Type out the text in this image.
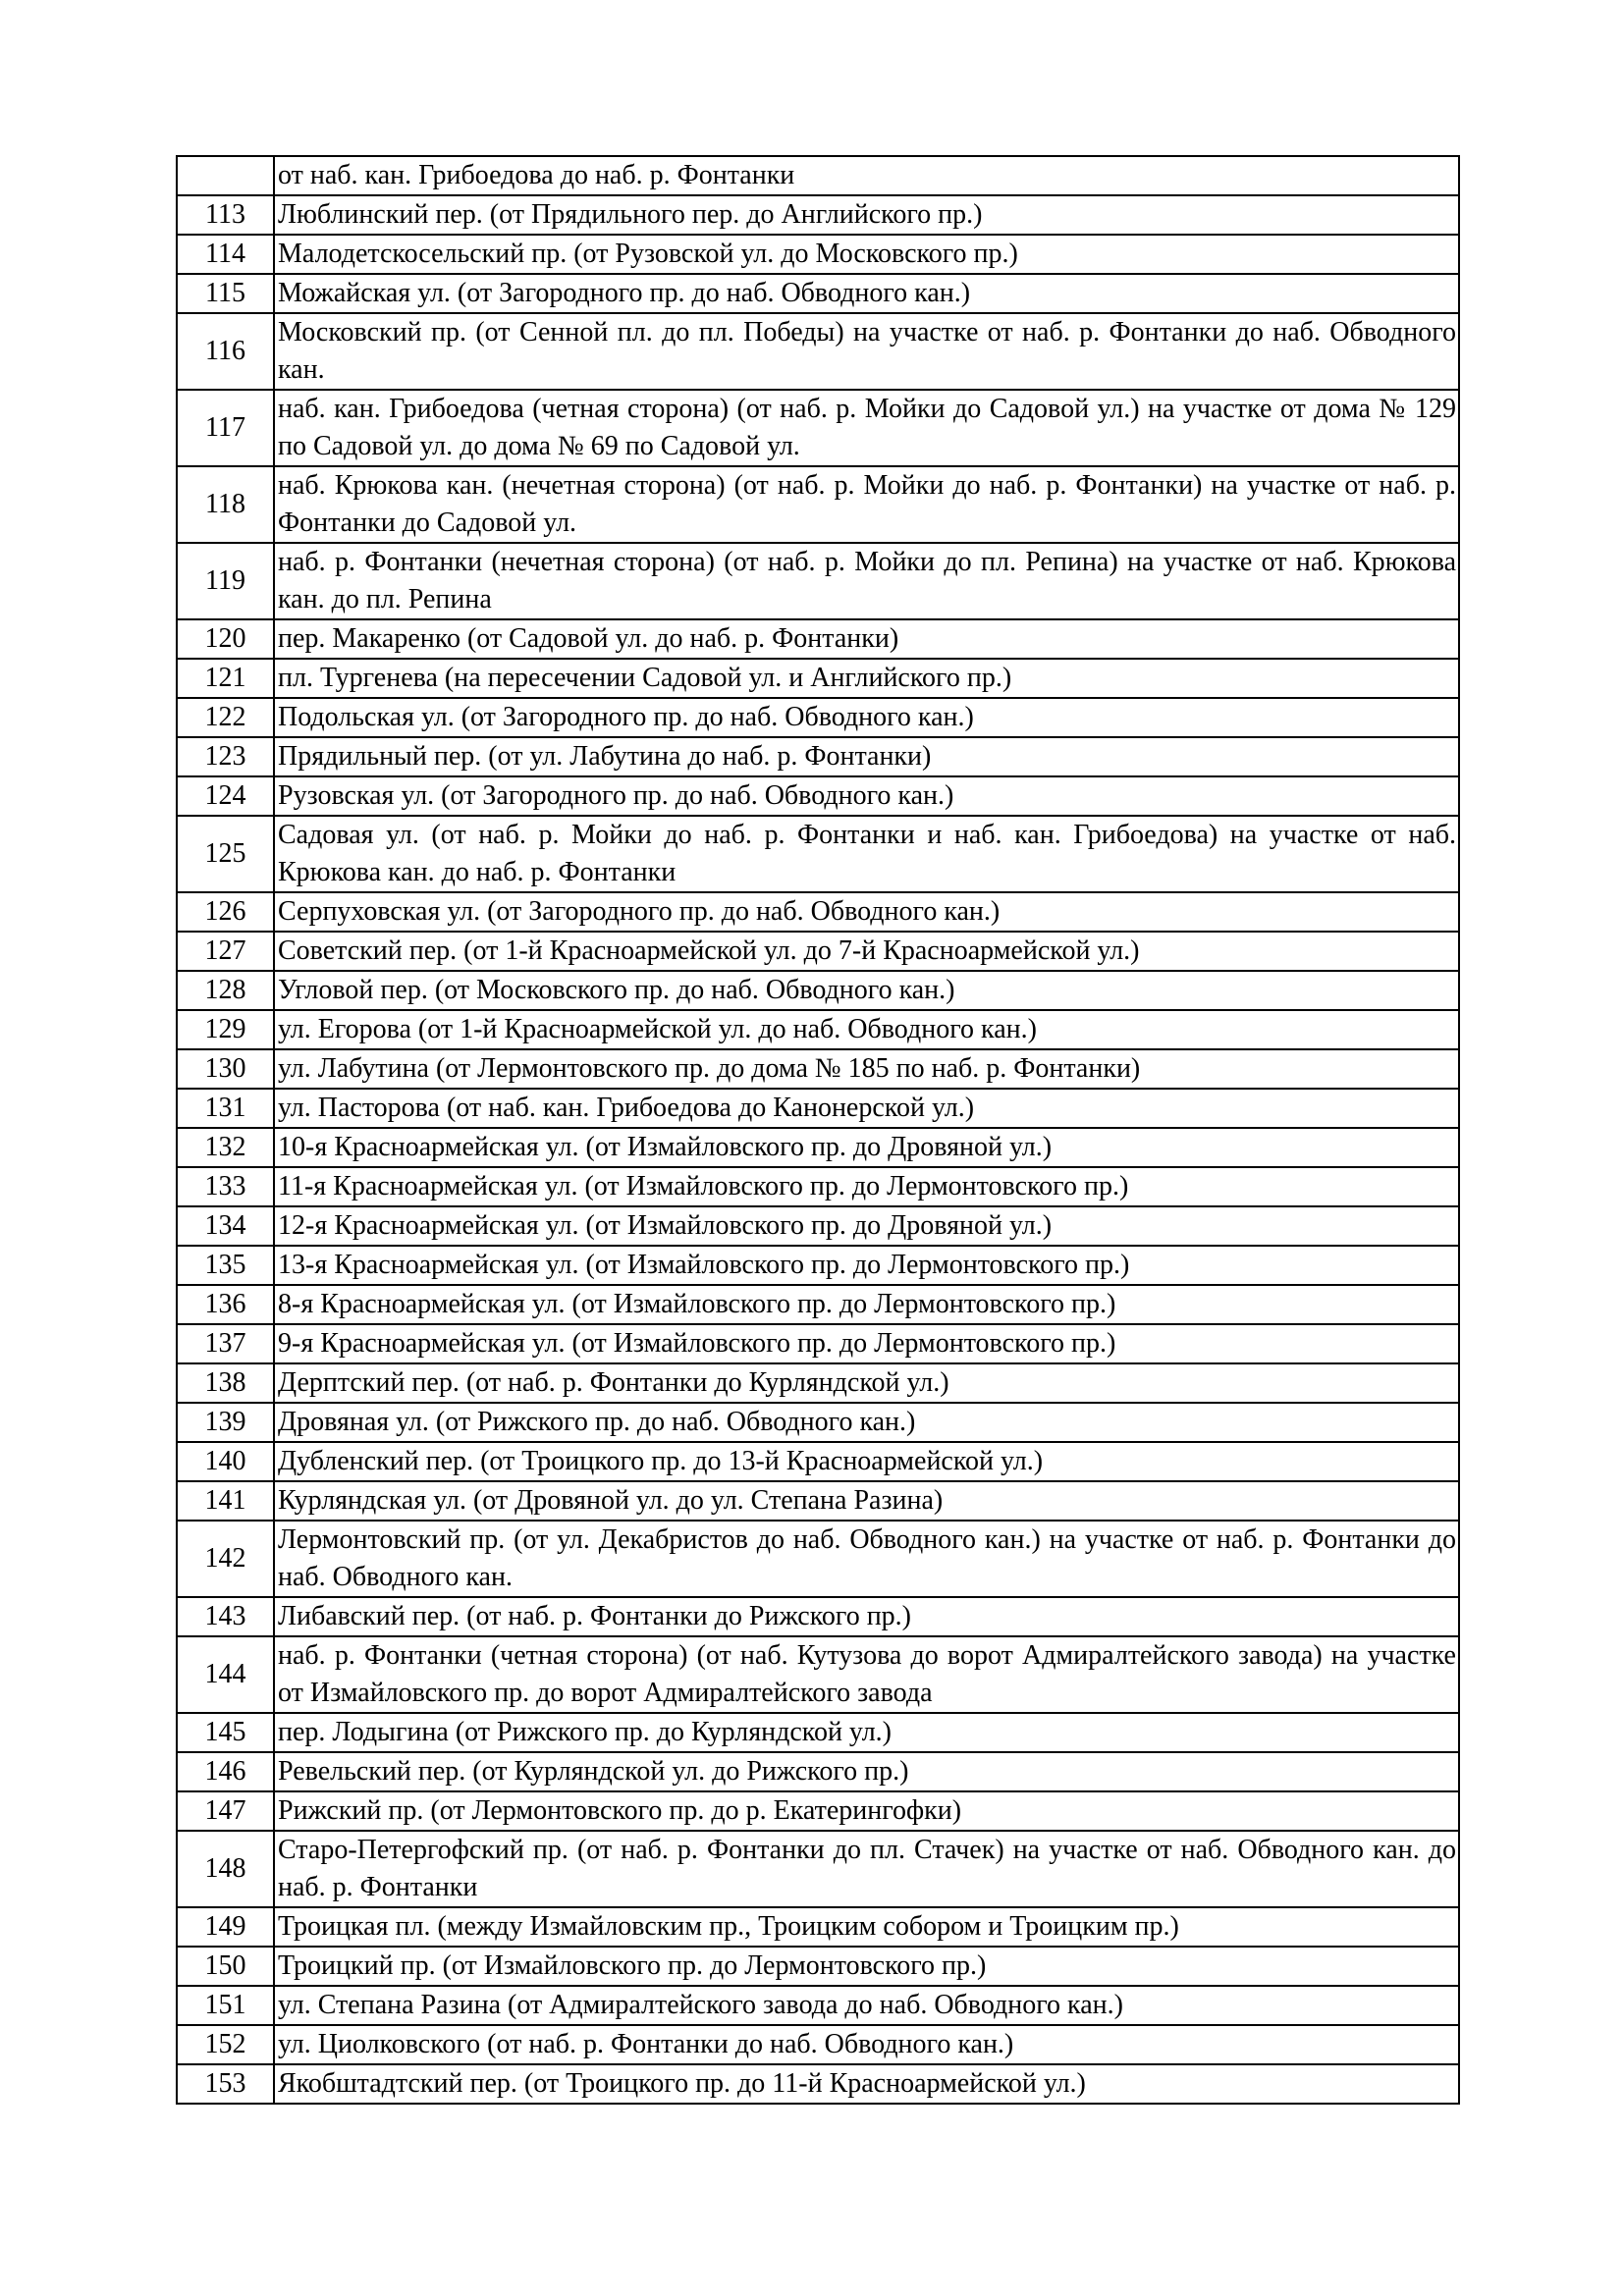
	от наб. кан. Грибоедова до наб. р. Фонтанки
113	Люблинский пер. (от Прядильного пер. до Английского пр.)
114	Малодетскосельский пр. (от Рузовской ул. до Московского пр.)
115	Можайская ул. (от Загородного пр. до наб. Обводного кан.)
116	Московский пр. (от Сенной пл. до пл. Победы) на участке от наб. р. Фонтанки до наб. Обводного кан.
117	наб. кан. Грибоедова (четная сторона) (от наб. р. Мойки до Садовой ул.) на участке от дома № 129 по Садовой ул. до дома № 69 по Садовой ул.
118	наб. Крюкова кан. (нечетная сторона) (от наб. р. Мойки до наб. р. Фонтанки) на участке от наб. р. Фонтанки до Садовой ул.
119	наб. р. Фонтанки (нечетная сторона) (от наб. р. Мойки до пл. Репина) на участке от наб. Крюкова кан. до пл. Репина
120	пер. Макаренко (от Садовой ул. до наб. р. Фонтанки)
121	пл. Тургенева (на пересечении Садовой ул. и Английского пр.)
122	Подольская ул. (от Загородного пр. до наб. Обводного кан.)
123	Прядильный пер. (от ул. Лабутина до наб. р. Фонтанки)
124	Рузовская ул. (от Загородного пр. до наб. Обводного кан.)
125	Садовая ул. (от наб. р. Мойки до наб. р. Фонтанки и наб. кан. Грибоедова) на участке от наб. Крюкова кан. до наб. р. Фонтанки
126	Серпуховская ул. (от Загородного пр. до наб. Обводного кан.)
127	Советский пер. (от 1-й Красноармейской ул. до 7-й Красноармейской ул.)
128	Угловой пер. (от Московского пр. до наб. Обводного кан.)
129	ул. Егорова (от 1-й Красноармейской ул. до наб. Обводного кан.)
130	ул. Лабутина (от Лермонтовского пр. до дома № 185 по наб. р. Фонтанки)
131	ул. Пасторова (от наб. кан. Грибоедова до Канонерской ул.)
132	10-я Красноармейская ул. (от Измайловского пр. до Дровяной ул.)
133	11-я Красноармейская ул. (от Измайловского пр. до Лермонтовского пр.)
134	12-я Красноармейская ул. (от Измайловского пр. до Дровяной ул.)
135	13-я Красноармейская ул. (от Измайловского пр. до Лермонтовского пр.)
136	8-я Красноармейская ул. (от Измайловского пр. до Лермонтовского пр.)
137	9-я Красноармейская ул. (от Измайловского пр. до Лермонтовского пр.)
138	Дерптский пер. (от наб. р. Фонтанки до Курляндской ул.)
139	Дровяная ул. (от Рижского пр. до наб. Обводного кан.)
140	Дубленский пер. (от Троицкого пр. до 13-й Красноармейской ул.)
141	Курляндская ул. (от Дровяной ул. до ул. Степана Разина)
142	Лермонтовский пр. (от ул. Декабристов до наб. Обводного кан.) на участке от наб. р. Фонтанки до наб. Обводного кан.
143	Либавский пер. (от наб. р. Фонтанки до Рижского пр.)
144	наб. р. Фонтанки (четная сторона) (от наб. Кутузова до ворот Адмиралтейского завода) на участке от Измайловского пр. до ворот Адмиралтейского завода
145	пер. Лодыгина (от Рижского пр. до Курляндской ул.)
146	Ревельский пер. (от Курляндской ул. до Рижского пр.)
147	Рижский пр. (от Лермонтовского пр. до р. Екатерингофки)
148	Старо-Петергофский пр. (от наб. р. Фонтанки до пл. Стачек) на участке от наб. Обводного кан. до наб. р. Фонтанки
149	Троицкая пл. (между Измайловским пр., Троицким собором и Троицким пр.)
150	Троицкий пр. (от Измайловского пр. до Лермонтовского пр.)
151	ул. Степана Разина (от Адмиралтейского завода до наб. Обводного кан.)
152	ул. Циолковского (от наб. р. Фонтанки до наб. Обводного кан.)
153	Якобштадтский пер. (от Троицкого пр. до 11-й Красноармейской ул.)
